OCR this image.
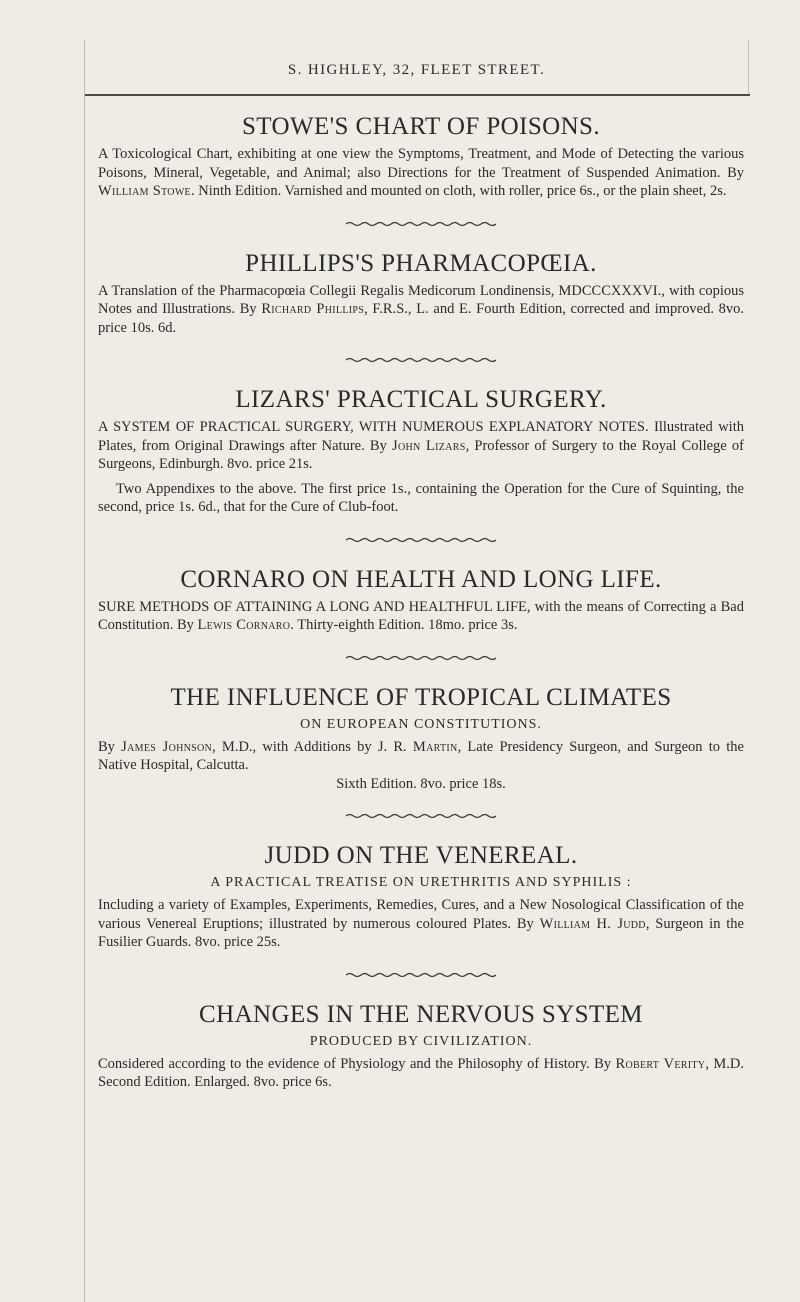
S. HIGHLEY, 32, FLEET STREET.
STOWE'S CHART OF POISONS.

A Toxicological Chart, exhibiting at one view the Symptoms, Treatment, and Mode of Detecting the various Poisons, Mineral, Vegetable, and Animal; also Directions for the Treatment of Suspended Animation. By William Stowe. Ninth Edition. Varnished and mounted on cloth, with roller, price 6s., or the plain sheet, 2s.

PHILLIPS'S PHARMACOPŒIA.

A Translation of the Pharmacopœia Collegii Regalis Medicorum Londinensis, MDCCCXXXVI., with copious Notes and Illustrations. By Richard Phillips, F.R.S., L. and E. Fourth Edition, corrected and improved. 8vo. price 10s. 6d.

LIZARS' PRACTICAL SURGERY.

A SYSTEM OF PRACTICAL SURGERY, WITH NUMEROUS EXPLANATORY NOTES. Illustrated with Plates, from Original Drawings after Nature. By John Lizars, Professor of Surgery to the Royal College of Surgeons, Edinburgh. 8vo. price 21s.

Two Appendixes to the above. The first price 1s., containing the Operation for the Cure of Squinting, the second, price 1s. 6d., that for the Cure of Club-foot.

CORNARO ON HEALTH AND LONG LIFE.

SURE METHODS OF ATTAINING A LONG AND HEALTHFUL LIFE, with the means of Correcting a Bad Constitution. By Lewis Cornaro. Thirty-eighth Edition. 18mo. price 3s.

THE INFLUENCE OF TROPICAL CLIMATES
ON EUROPEAN CONSTITUTIONS.

By James Johnson, M.D., with Additions by J. R. Martin, Late Presidency Surgeon, and Surgeon to the Native Hospital, Calcutta.

Sixth Edition. 8vo. price 18s.

JUDD ON THE VENEREAL.
A PRACTICAL TREATISE ON URETHRITIS AND SYPHILIS :

Including a variety of Examples, Experiments, Remedies, Cures, and a New Nosological Classification of the various Venereal Eruptions; illustrated by numerous coloured Plates. By William H. Judd, Surgeon in the Fusilier Guards. 8vo. price 25s.

CHANGES IN THE NERVOUS SYSTEM
PRODUCED BY CIVILIZATION.

Considered according to the evidence of Physiology and the Philosophy of History. By Robert Verity, M.D. Second Edition. Enlarged. 8vo. price 6s.
